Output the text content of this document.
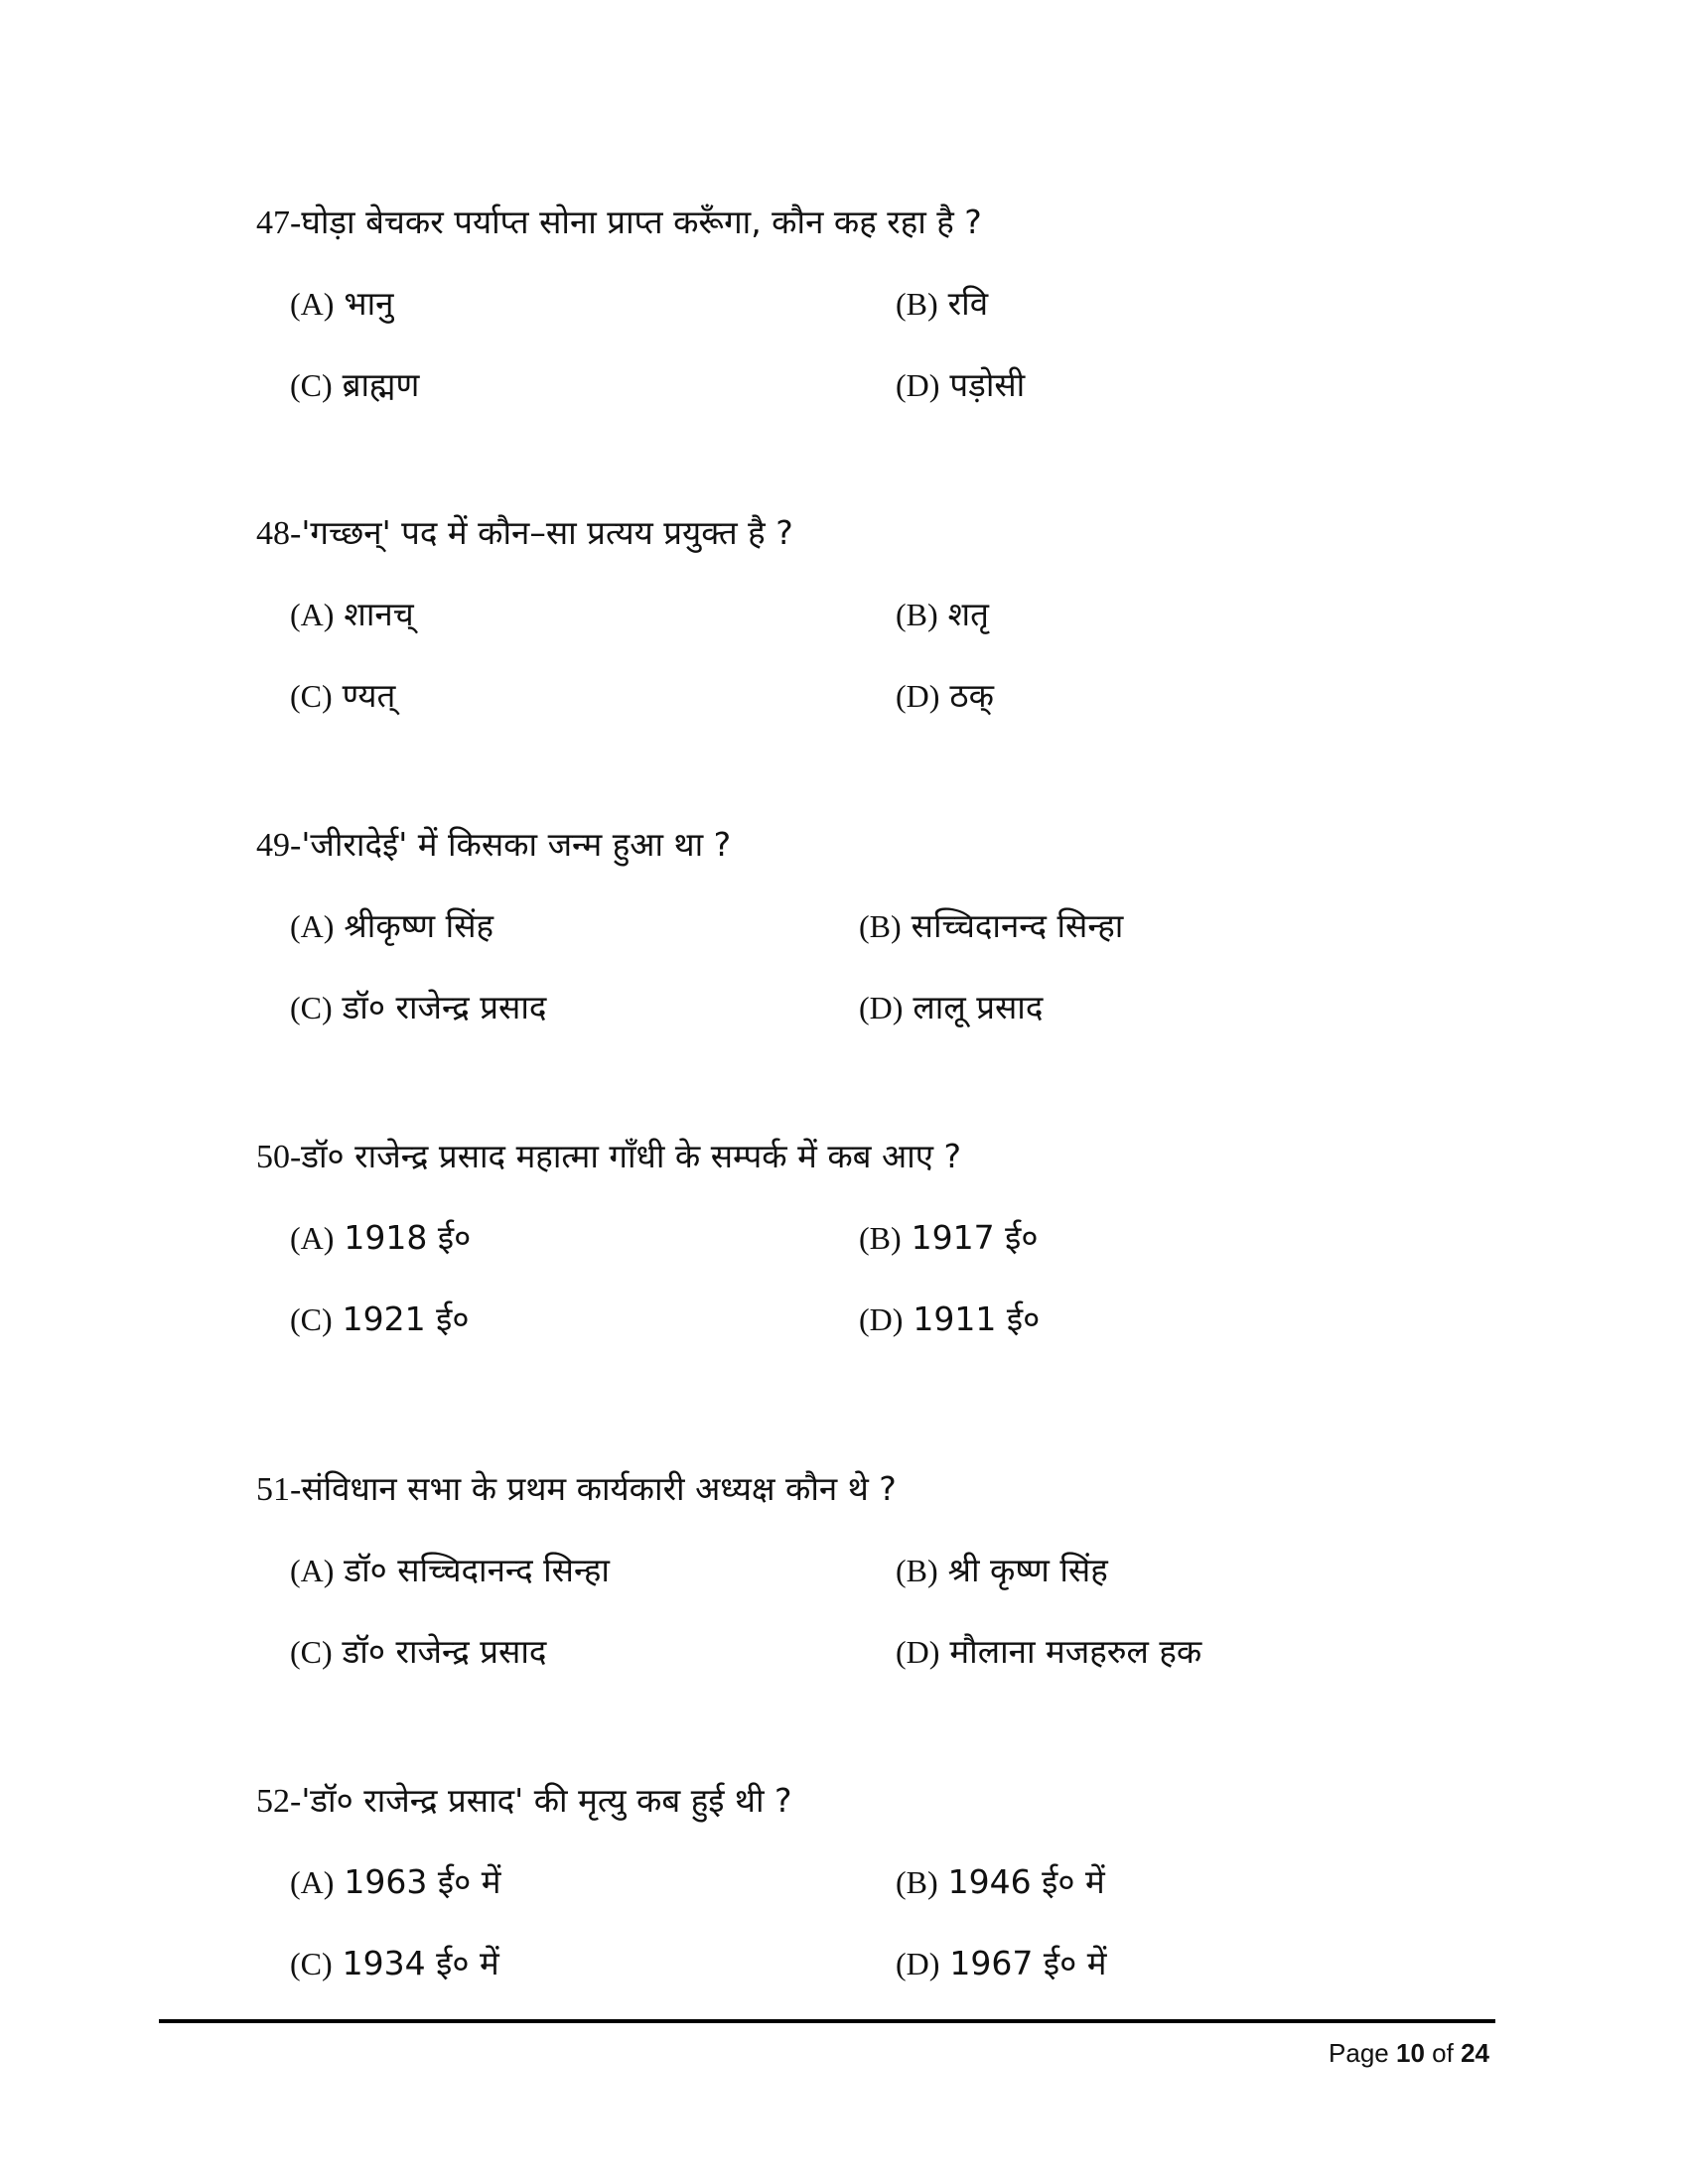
47-घोड़ा बेचकर पर्याप्त सोना प्राप्त करूँगा, कौन कह रहा है ?
(A) भानु	(B) रवि
(C) ब्राह्मण	(D) पड़ोसी
48-'गच्छन्' पद में कौन–सा प्रत्यय प्रयुक्त है ?
(A) शानच्	(B) शतृ
(C) ण्यत्	(D) ठक्
49-'जीरादेई' में किसका जन्म हुआ था ?
(A) श्रीकृष्ण सिंह	(B) सच्चिदानन्द सिन्हा
(C) डॉ० राजेन्द्र प्रसाद	(D) लालू प्रसाद
50-डॉ० राजेन्द्र प्रसाद महात्मा गाँधी के सम्पर्क में कब आए ?
(A) 1918 ई०	(B) 1917 ई०
(C) 1921 ई०	(D) 1911 ई०
51-संविधान सभा के प्रथम कार्यकारी अध्यक्ष कौन थे ?
(A) डॉ० सच्चिदानन्द सिन्हा	(B) श्री कृष्ण सिंह
(C) डॉ० राजेन्द्र प्रसाद	(D) मौलाना मजहरुल हक
52-'डॉ० राजेन्द्र प्रसाद' की मृत्यु कब हुई थी ?
(A) 1963 ई० में	(B) 1946 ई० में
(C) 1934 ई० में	(D) 1967 ई० में
Page 10 of 24
